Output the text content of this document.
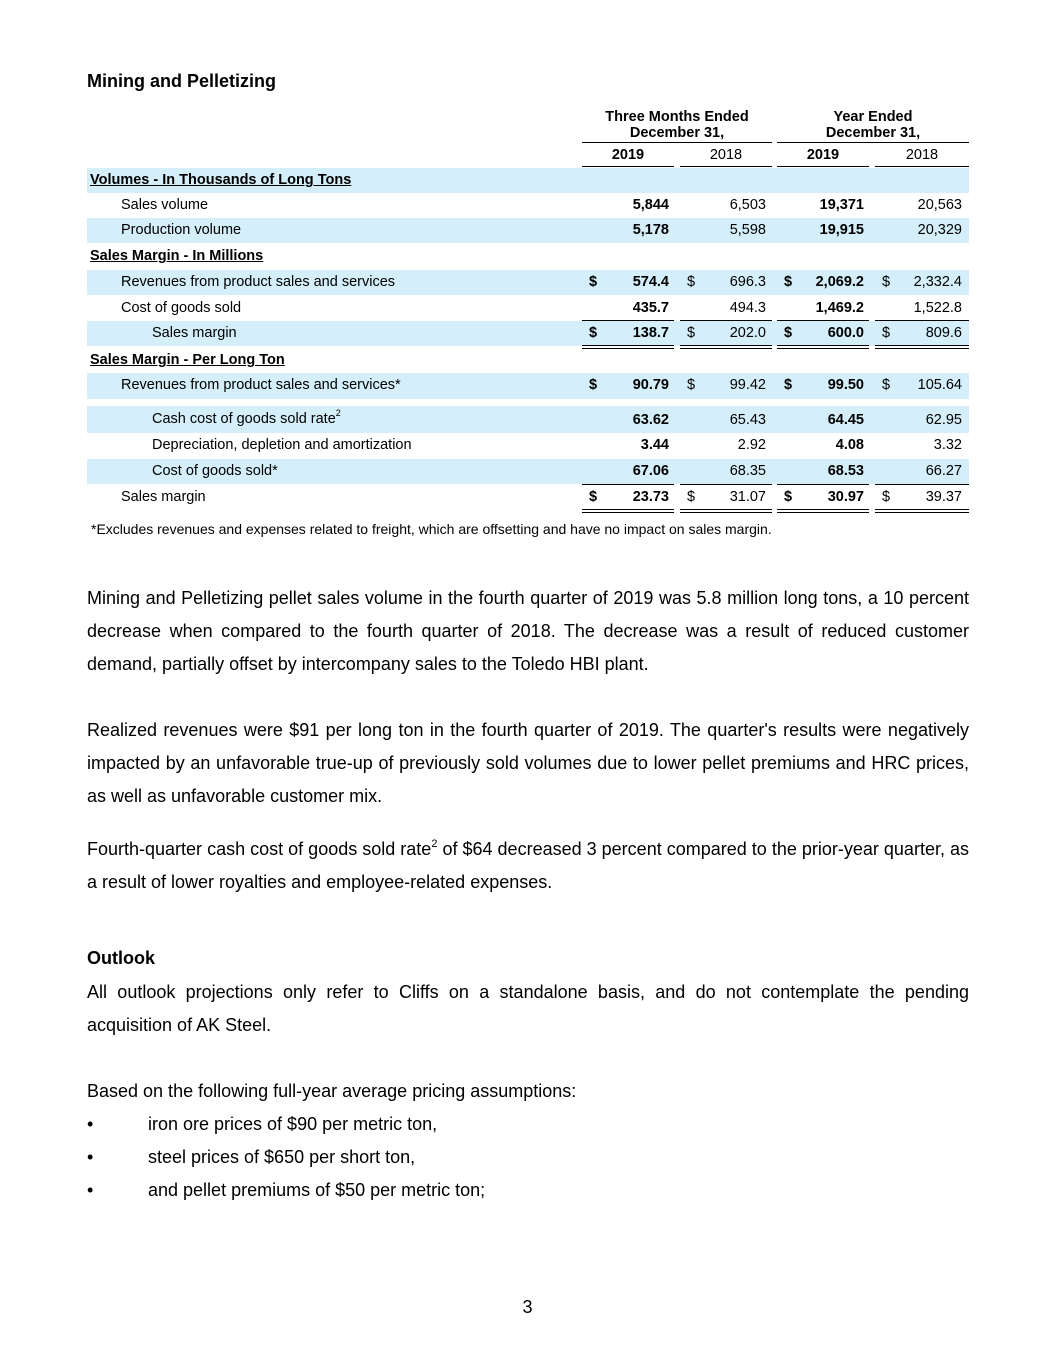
Mining and Pelletizing
Three Months Ended
December 31,
Year Ended
December 31,
2019	2018	2019	2018
Volumes - In Thousands of Long Tons
Sales volume	5,844	6,503	19,371	20,563
Production volume	5,178	5,598	19,915	20,329
Sales Margin - In Millions
Revenues from product sales and services	$ 574.4 $ 696.3 $ 2,069.2 $ 2,332.4
Cost of goods sold	435.7	494.3	1,469.2	1,522.8
Sales margin	$ 138.7 $ 202.0 $ 600.0 $ 809.6
Sales Margin - Per Long Ton
Revenues from product sales and services*	$ 90.79 $ 99.42 $ 99.50 $ 105.64
Cash cost of goods sold rate$^2$	63.62	65.43	64.45	62.95
Depreciation, depletion and amortization	3.44	2.92	4.08	3.32
Cost of goods sold*	67.06	68.35	68.53	66.27
Sales margin	$ 23.73 $ 31.07 $ 30.97 $ 39.37
*Excludes revenues and expenses related to freight, which are offsetting and have no impact on sales margin.

Mining and Pelletizing pellet sales volume in the fourth quarter of 2019 was 5.8 million long tons, a 10 percent decrease when compared to the fourth quarter of 2018. The decrease was a result of reduced customer demand, partially offset by intercompany sales to the Toledo HBI plant.

Realized revenues were $91 per long ton in the fourth quarter of 2019. The quarter's results were negatively impacted by an unfavorable true-up of previously sold volumes due to lower pellet premiums and HRC prices, as well as unfavorable customer mix.

Fourth-quarter cash cost of goods sold rate$^2$ of $64 decreased 3 percent compared to the prior-year quarter, as a result of lower royalties and employee-related expenses.

Outlook

All outlook projections only refer to Cliffs on a standalone basis, and do not contemplate the pending acquisition of AK Steel.

Based on the following full-year average pricing assumptions:

•	iron ore prices of $90 per metric ton,
•	steel prices of $650 per short ton,
•	and pellet premiums of $50 per metric ton;
3
